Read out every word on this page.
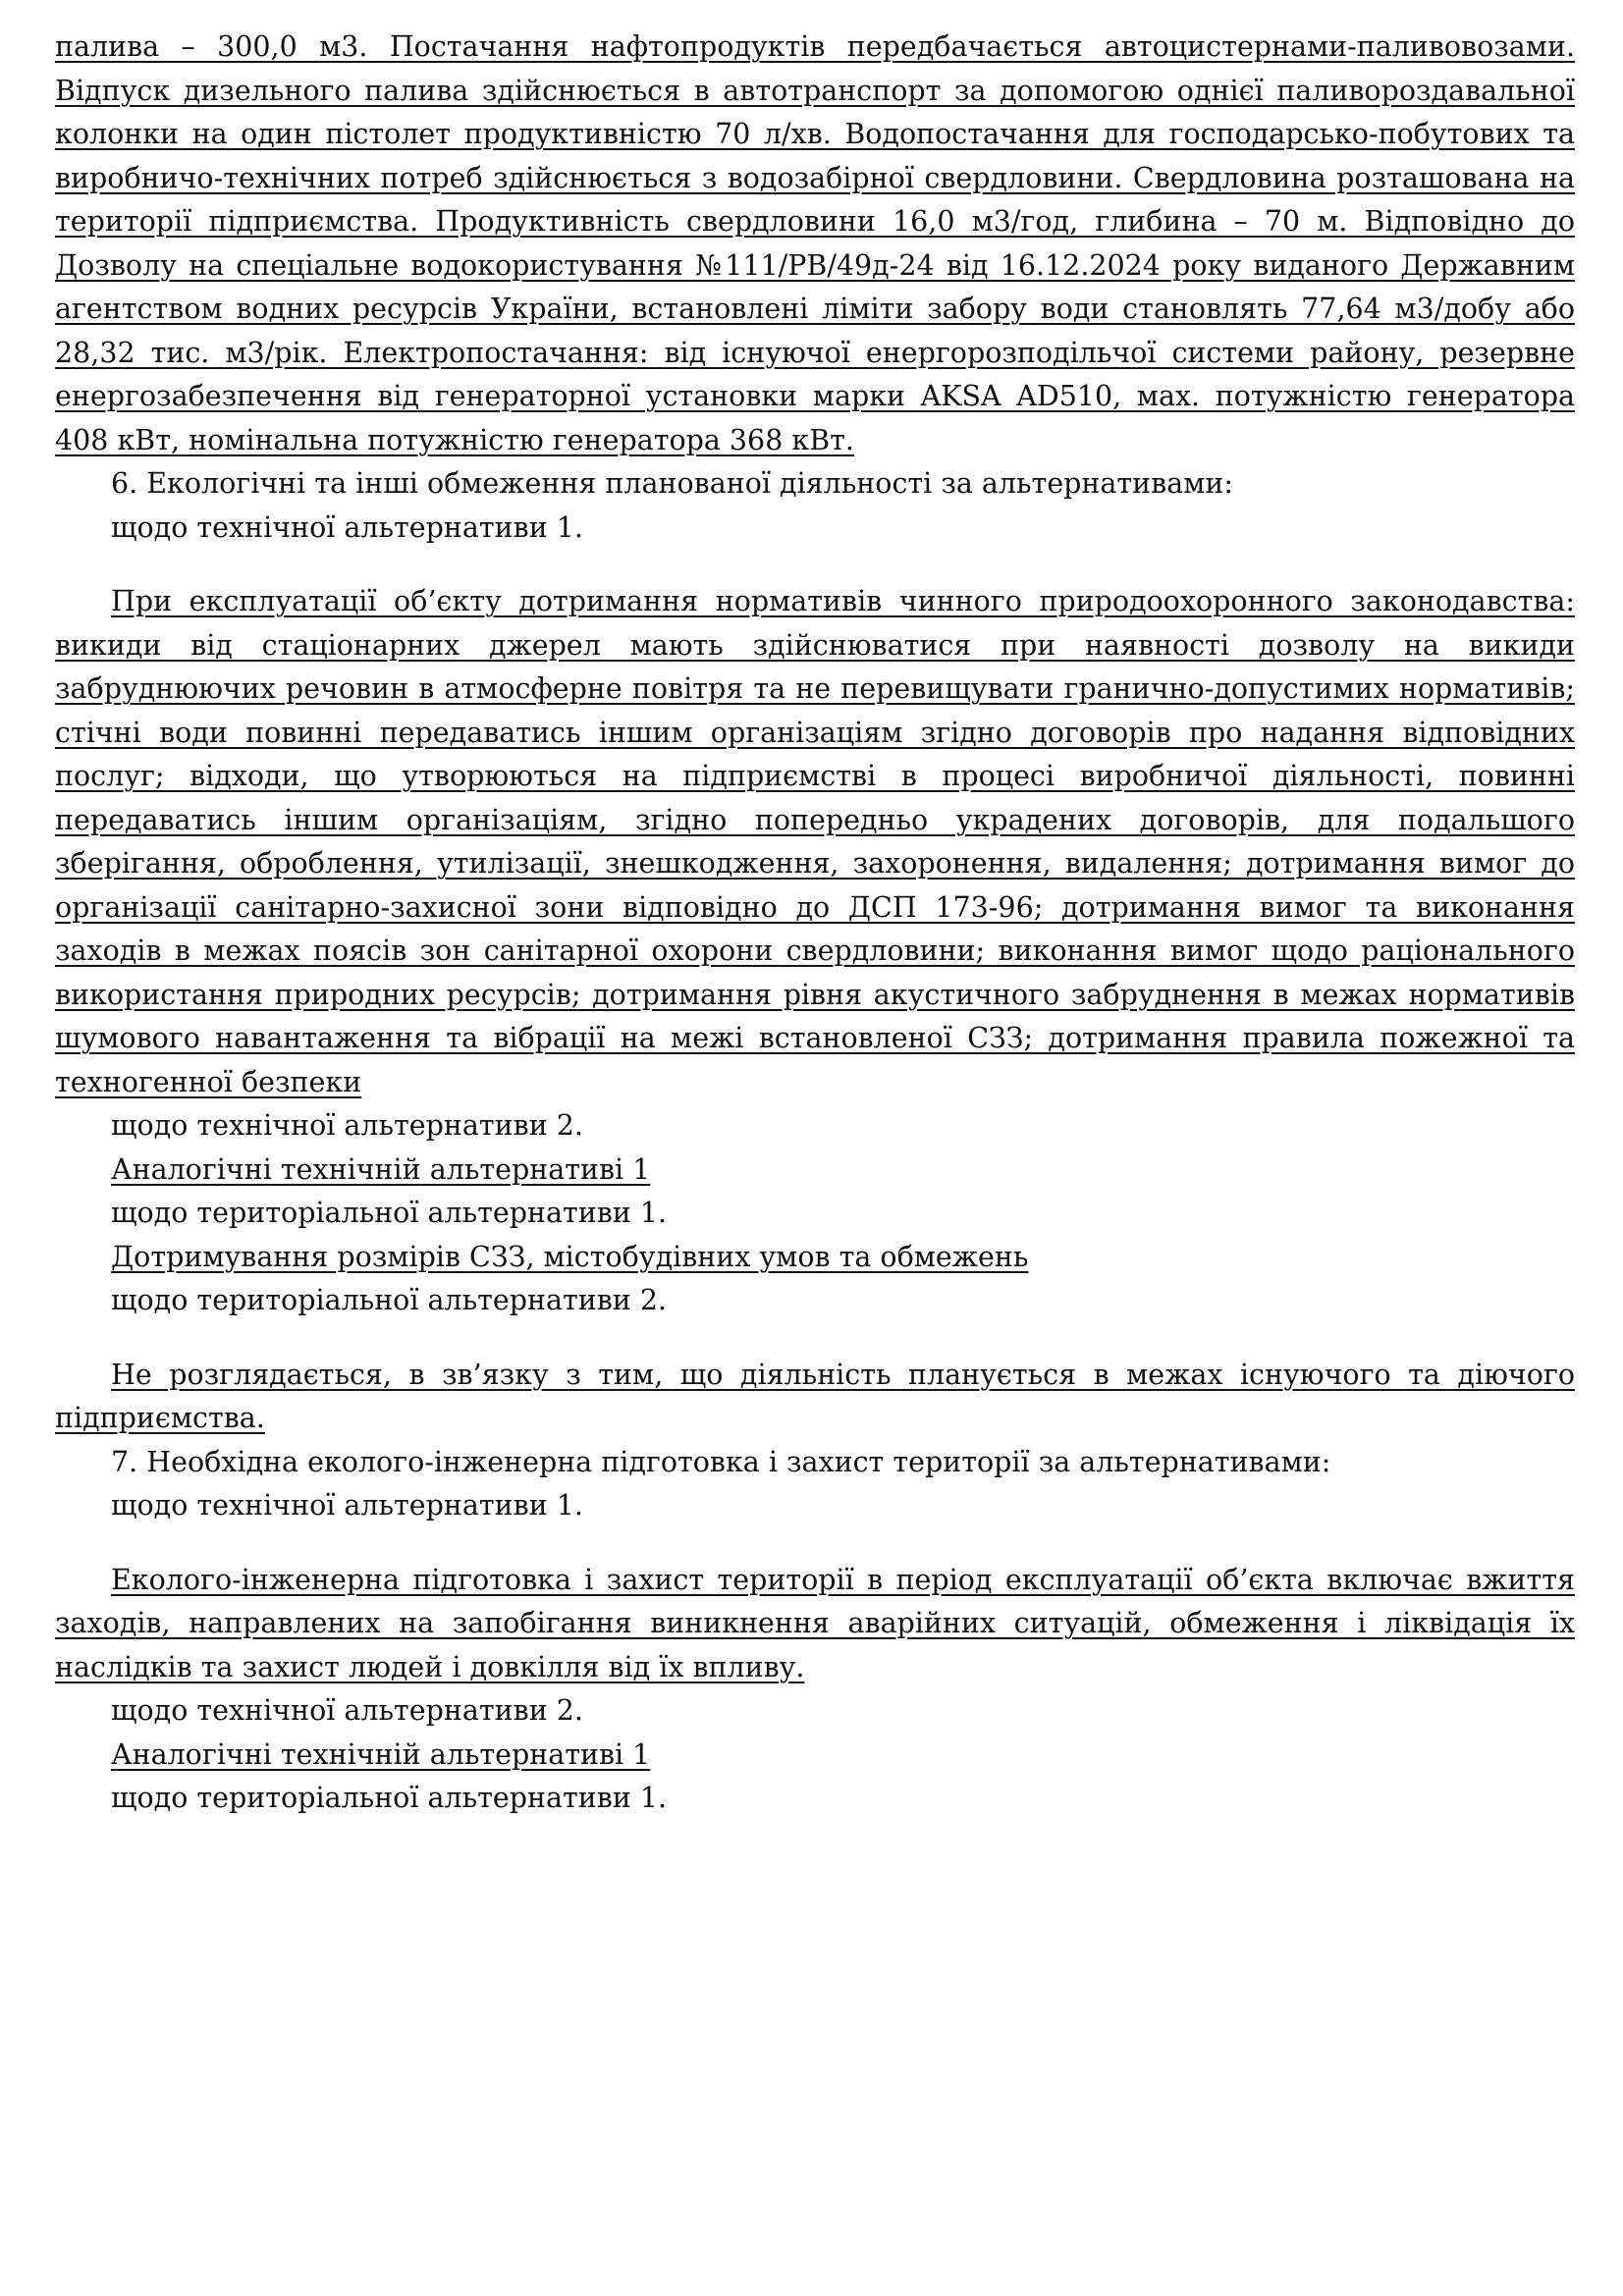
палива – 300,0 м3. Постачання нафтопродуктів передбачається автоцистернами-паливовозами. Відпуск дизельного палива здійснюється в автотранспорт за допомогою однієї паливороздавальної колонки на один пістолет продуктивністю 70 л/хв. Водопостачання для господарсько-побутових та виробничо-технічних потреб здійснюється з водозабірної свердловини. Свердловина розташована на території підприємства. Продуктивність свердловини 16,0 м3/год, глибина – 70 м. Відповідно до Дозволу на спеціальне водокористування №111/РВ/49д-24 від 16.12.2024 року виданого Державним агентством водних ресурсів України, встановлені ліміти забору води становлять 77,64 м3/добу або 28,32 тис. м3/рік. Електропостачання: від існуючої енергорозподільчої системи району, резервне енергозабезпечення від генераторної установки марки AKSA AD510, мах. потужністю генератора 408 кВт, номінальна потужністю генератора 368 кВт.

6. Екологічні та інші обмеження планованої діяльності за альтернативами:

щодо технічної альтернативи 1.

При експлуатації об’єкту дотримання нормативів чинного природоохоронного законодавства: викиди від стаціонарних джерел мають здійснюватися при наявності дозволу на викиди забруднюючих речовин в атмосферне повітря та не перевищувати гранично-допустимих нормативів; стічні води повинні передаватись іншим організаціям згідно договорів про надання відповідних послуг; відходи, що утворюються на підприємстві в процесі виробничої діяльності, повинні передаватись іншим організаціям, згідно попередньо украдених договорів, для подальшого зберігання, оброблення, утилізації, знешкодження, захоронення, видалення; дотримання вимог до організації санітарно-захисної зони відповідно до ДСП 173-96; дотримання вимог та виконання заходів в межах поясів зон санітарної охорони свердловини; виконання вимог щодо раціонального використання природних ресурсів; дотримання рівня акустичного забруднення в межах нормативів шумового навантаження та вібрації на межі встановленої СЗЗ; дотримання правила пожежної та техногенної безпеки

щодо технічної альтернативи 2.

Аналогічні технічній альтернативі 1

щодо територіальної альтернативи 1.

Дотримування розмірів СЗЗ, містобудівних умов та обмежень

щодо територіальної альтернативи 2.

Не розглядається, в зв’язку з тим, що діяльність планується в межах існуючого та діючого підприємства.

7. Необхідна еколого-інженерна підготовка і захист території за альтернативами:

щодо технічної альтернативи 1.

Еколого-інженерна підготовка і захист території в період експлуатації об’єкта включає вжиття заходів, направлених на запобігання виникнення аварійних ситуацій, обмеження і ліквідація їх наслідків та захист людей і довкілля від їх впливу.

щодо технічної альтернативи 2.

Аналогічні технічній альтернативі 1

щодо територіальної альтернативи 1.
